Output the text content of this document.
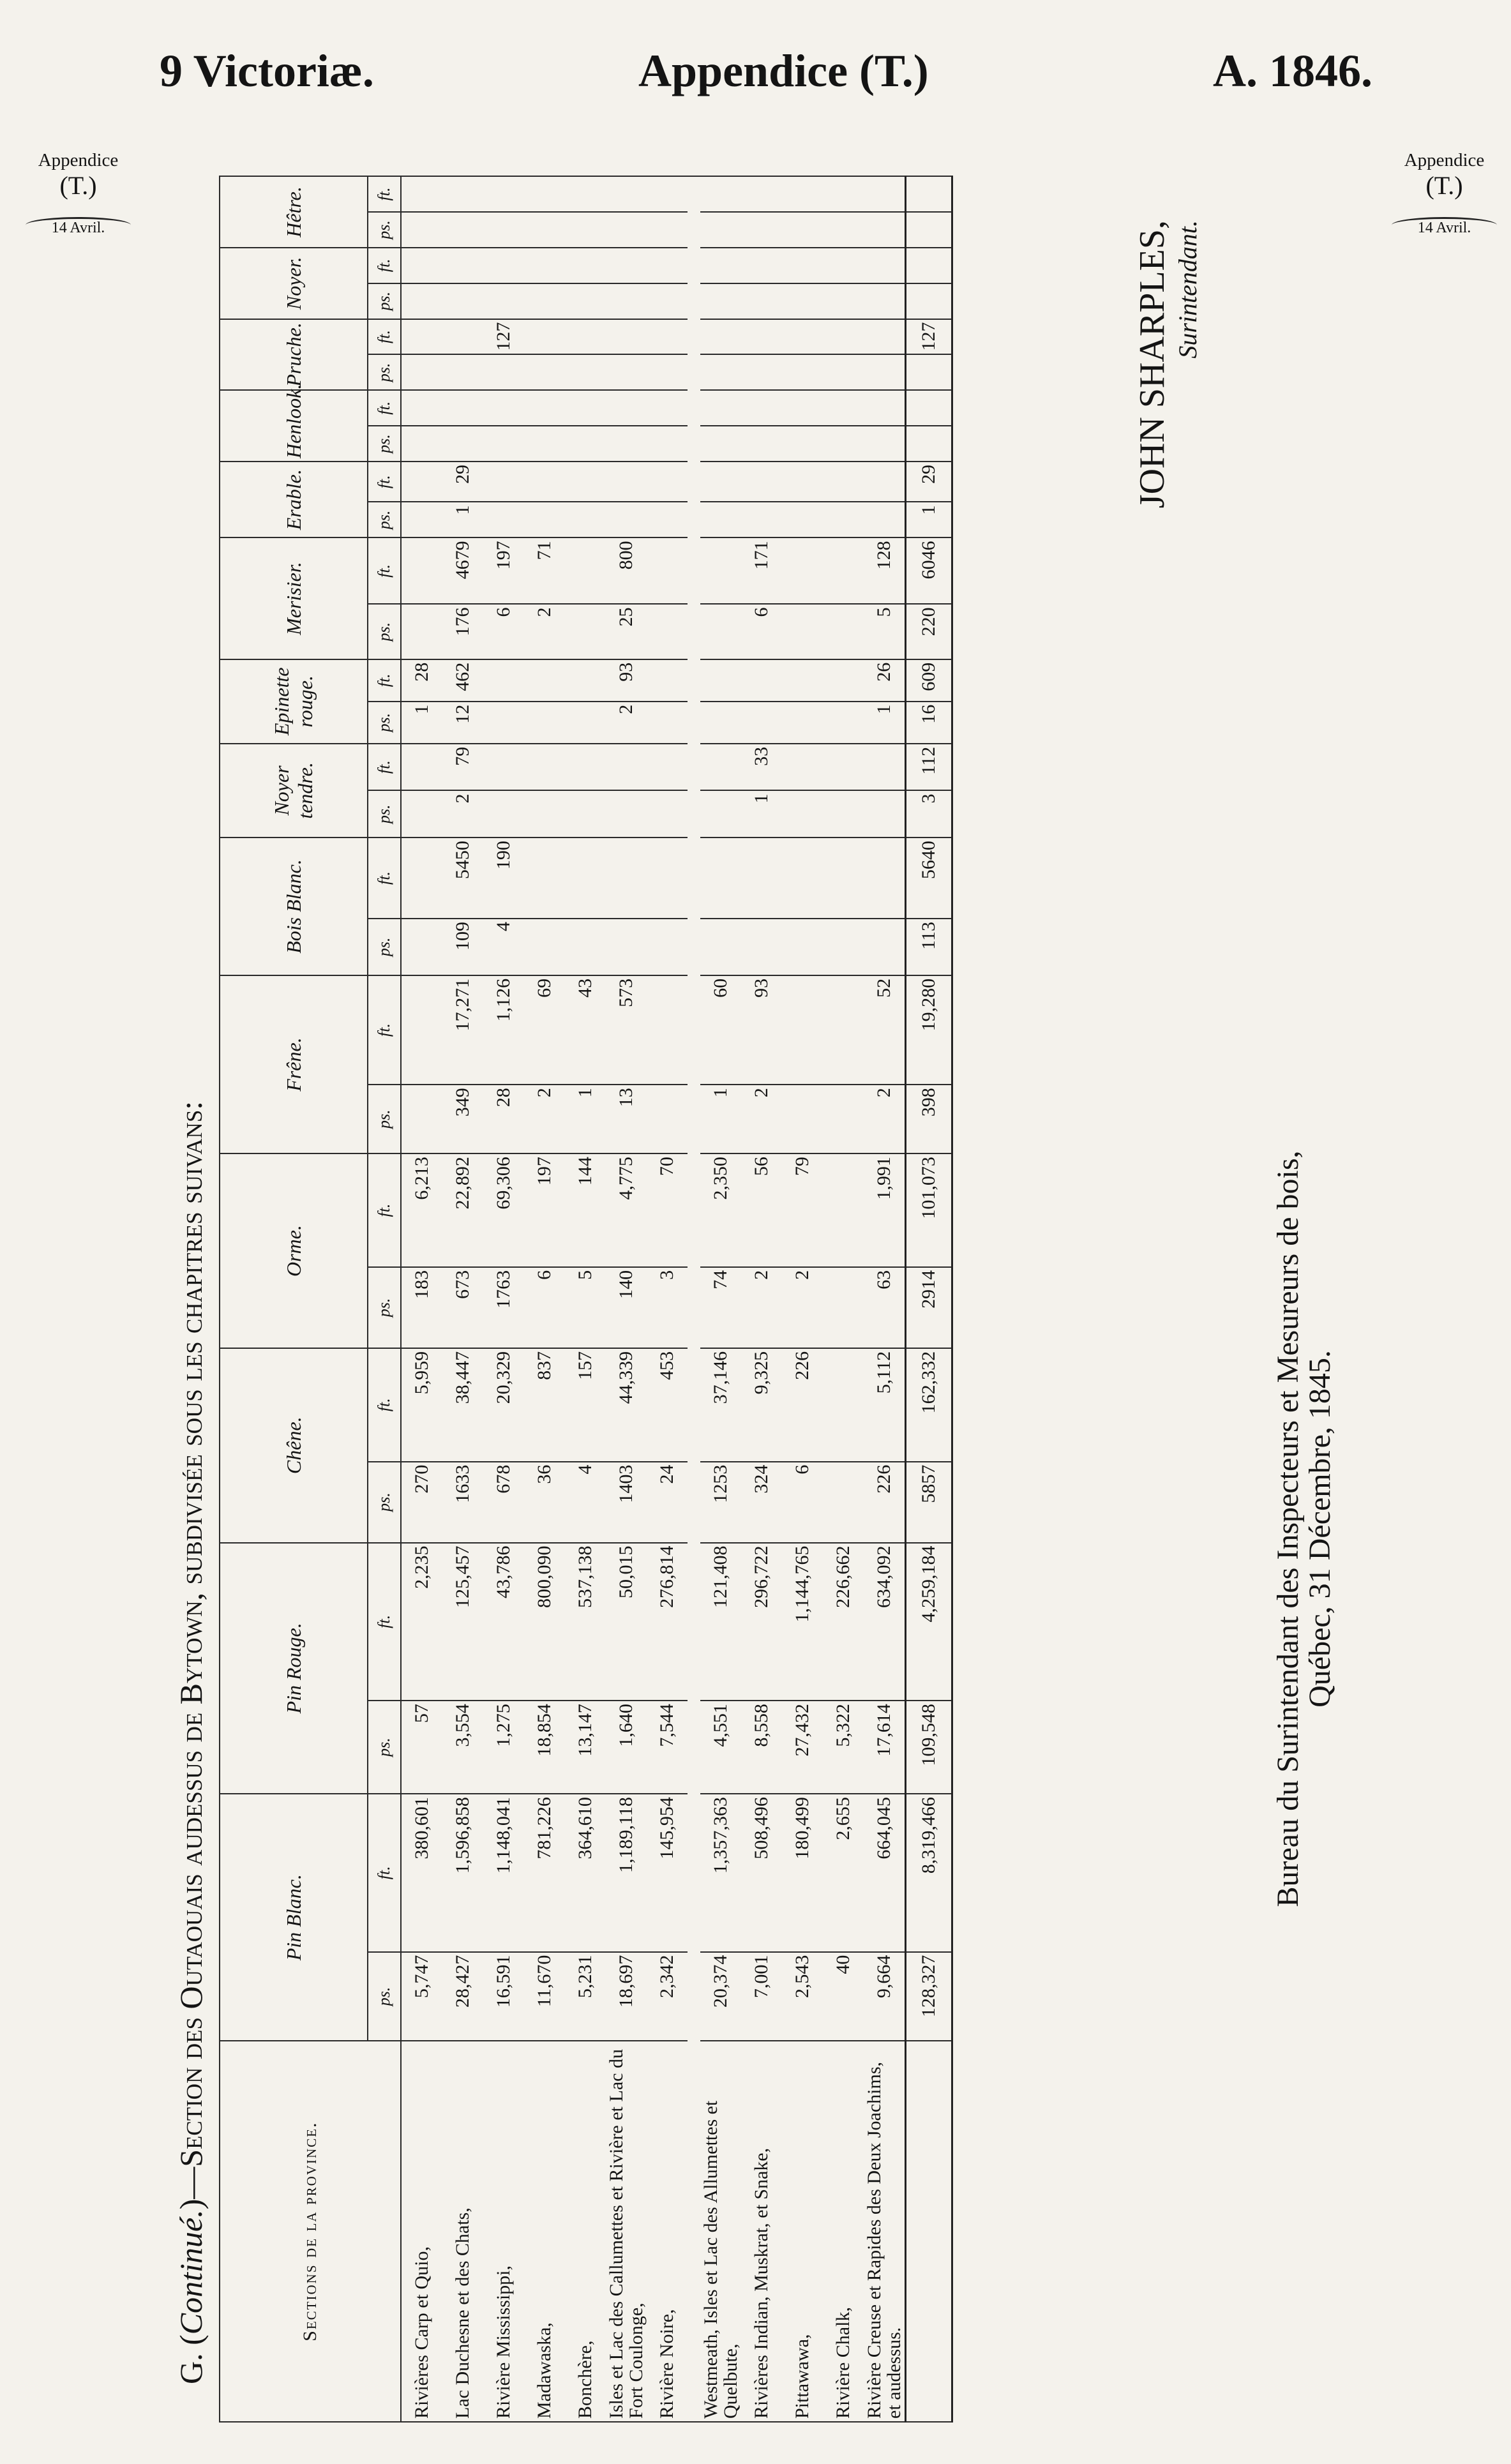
9 Victoriæ.	Appendice (T.)	A. 1846.
Appendice
(T.)
14 Avril.
Appendice
(T.)
14 Avril.
G. (Continué.)—Section des Outaouais audessus de Bytown, subdivisée sous les chapitres suivans:
Sections de la province.	Pin Blanc.		Pin Rouge.		Chêne.		Orme.		Frêne.		Bois Blanc.		Noyer tendre.		Epinette rouge.		Merisier.		Erable.		Henlook.		Pruche.		Noyer.		Hêtre.	
	ps.	ft.	ps.	ft.	ps.	ft.	ps.	ft.	ps.	ft.	ps.	ft.	ps.	ft.	ps.	ft.	ps.	ft.	ps.	ft.	ps.	ft.	ps.	ft.	ps.	ft.	ps.	ft.
Rivières Carp et Quio,	5,747	380,601	57	2,235	270	5,959	183	6,213							1	28												
Lac Duchesne et des Chats,	28,427	1,596,858	3,554	125,457	1633	38,447	673	22,892	349	17,271	109	5450	2	79	12	462	176	4679	1	29								
Rivière Mississippi,	16,591	1,148,041	1,275	43,786	678	20,329	1763	69,306	28	1,126	4	190					6	197						127				
Madawaska,	11,670	781,226	18,854	800,090	36	837	6	197	2	69							2	71										
Bonchère,	5,231	364,610	13,147	537,138	4	157	5	144	1	43																		
Isles et Lac des Callumettes et Rivière et Lac du Fort Coulonge,	18,697	1,189,118	1,640	50,015	1403	44,339	140	4,775	13	573					2	93	25	800										
Rivière Noire,	2,342	145,954	7,544	276,814	24	453	3	70																				

Westmeath, Isles et Lac des Allumettes et Quelbute,	20,374	1,357,363	4,551	121,408	1253	37,146	74	2,350	1	60																		
Rivières Indian, Muskrat, et Snake,	7,001	508,496	8,558	296,722	324	9,325	2	56	2	93			1	33			6	171										
Pittawawa,	2,543	180,499	27,432	1,144,765	6	226	2	79																				
Rivière Chalk,	40	2,655	5,322	226,662																								
Rivière Creuse et Rapides des Deux Joachims, et audessus.	9,664	664,045	17,614	634,092	226	5,112	63	1,991	2	52					1	26	5	128										
	128,327	8,319,466	109,548	4,259,184	5857	162,332	2914	101,073	398	19,280	113	5640	3	112	16	609	220	6046	1	29				127					JOHN SHARPLES, Surintendant.
Bureau du Surintendant des Inspecteurs et Mesureurs de bois,
Québec, 31 Décembre, 1845.
